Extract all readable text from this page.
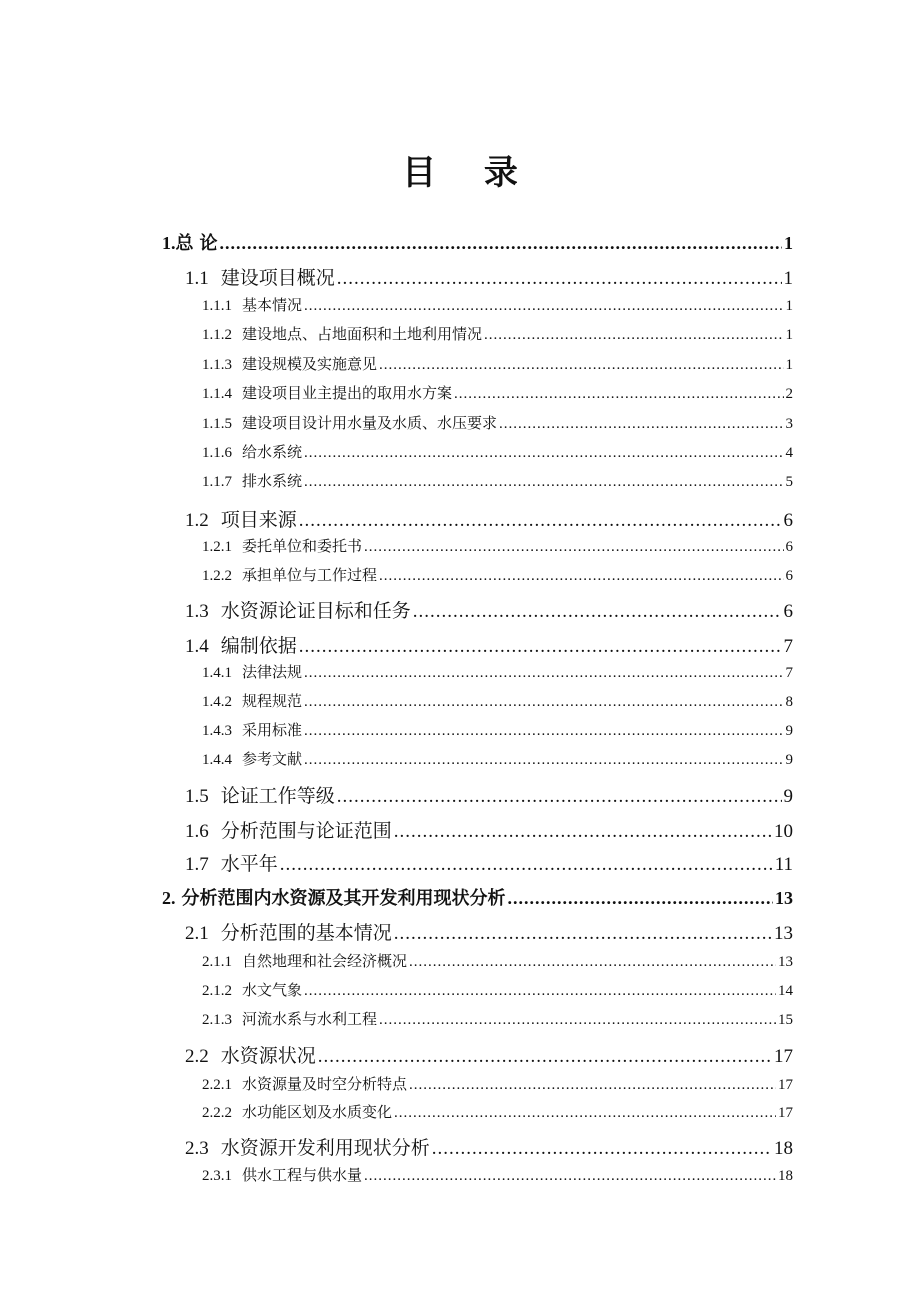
目 录
1.总 论 .....	1
1.1 建设项目概况 .....	1
1.1.1 基本情况 .....	1
1.1.2 建设地点、占地面积和土地利用情况 .....	1
1.1.3 建设规模及实施意见 .....	1
1.1.4 建设项目业主提出的取用水方案 .....	2
1.1.5 建设项目设计用水量及水质、水压要求 .....	3
1.1.6 给水系统 .....	4
1.1.7 排水系统 .....	5
1.2 项目来源 .....	6
1.2.1 委托单位和委托书 .....	6
1.2.2 承担单位与工作过程 .....	6
1.3 水资源论证目标和任务 .....	6
1.4 编制依据 .....	7
1.4.1 法律法规 .....	7
1.4.2 规程规范 .....	8
1.4.3 采用标准 .....	9
1.4.4 参考文献 .....	9
1.5 论证工作等级 .....	9
1.6 分析范围与论证范围 .....	10
1.7 水平年 .....	11
2. 分析范围内水资源及其开发利用现状分析 .....	13
2.1 分析范围的基本情况 .....	13
2.1.1 自然地理和社会经济概况 .....	13
2.1.2 水文气象 .....	14
2.1.3 河流水系与水利工程 .....	15
2.2 水资源状况 .....	17
2.2.1 水资源量及时空分析特点 .....	17
2.2.2 水功能区划及水质变化 .....	17
2.3 水资源开发利用现状分析 .....	18
2.3.1 供水工程与供水量 .....	18
